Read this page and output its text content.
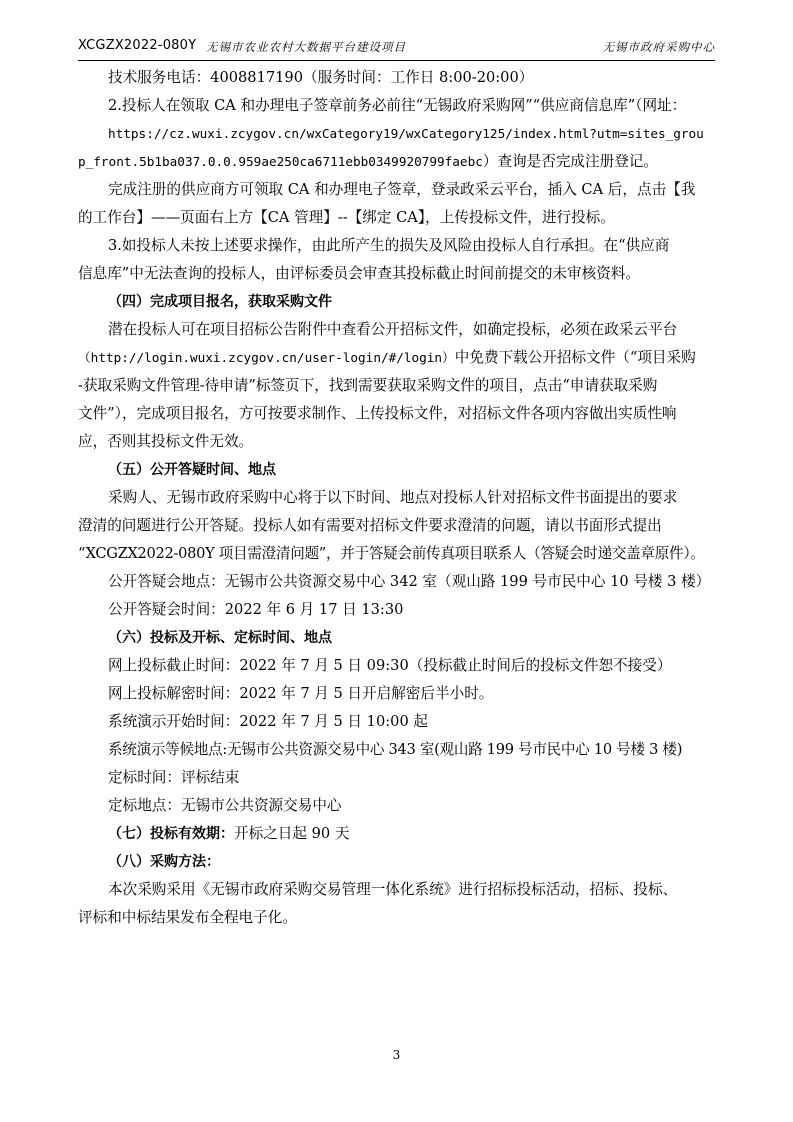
XCGZX2022-080Y 无锡市农业农村大数据平台建设项目	无锡市政府采购中心
技术服务电话：4008817190（服务时间：工作日 8:00-20:00）
2.投标人在领取 CA 和办理电子签章前务必前往“无锡政府采购网”“供应商信息库”（网址：
https://cz.wuxi.zcygov.cn/wxCategory19/wxCategory125/index.html?utm=sites_grou
p_front.5b1ba037.0.0.959ae250ca6711ebb0349920799faebc）查询是否完成注册登记。
完成注册的供应商方可领取 CA 和办理电子签章，登录政采云平台，插入 CA 后，点击【我
的工作台】——页面右上方【CA 管理】--【绑定 CA】，上传投标文件，进行投标。
3.如投标人未按上述要求操作，由此所产生的损失及风险由投标人自行承担。在“供应商
信息库”中无法查询的投标人，由评标委员会审查其投标截止时间前提交的未审核资料。
（四）完成项目报名，获取采购文件
潜在投标人可在项目招标公告附件中查看公开招标文件，如确定投标，必须在政采云平台
（http://login.wuxi.zcygov.cn/user-login/#/login）中免费下载公开招标文件（“项目采购
-获取采购文件管理-待申请”标签页下，找到需要获取采购文件的项目，点击“申请获取采购
文件”），完成项目报名，方可按要求制作、上传投标文件，对招标文件各项内容做出实质性响
应，否则其投标文件无效。
（五）公开答疑时间、地点
采购人、无锡市政府采购中心将于以下时间、地点对投标人针对招标文件书面提出的要求
澄清的问题进行公开答疑。投标人如有需要对招标文件要求澄清的问题，请以书面形式提出
“XCGZX2022-080Y 项目需澄清问题”，并于答疑会前传真项目联系人（答疑会时递交盖章原件）。
公开答疑会地点：无锡市公共资源交易中心 342 室（观山路 199 号市民中心 10 号楼 3 楼）
公开答疑会时间：2022 年 6 月 17 日 13:30
（六）投标及开标、定标时间、地点
网上投标截止时间：2022 年 7 月 5 日 09:30（投标截止时间后的投标文件恕不接受）
网上投标解密时间：2022 年 7 月 5 日开启解密后半小时。
系统演示开始时间：2022 年 7 月 5 日 10:00 起
系统演示等候地点:无锡市公共资源交易中心 343 室(观山路 199 号市民中心 10 号楼 3 楼)
定标时间：评标结束
定标地点：无锡市公共资源交易中心
（七）投标有效期：开标之日起 90 天
（八）采购方法：
本次采购采用《无锡市政府采购交易管理一体化系统》进行招标投标活动，招标、投标、
评标和中标结果发布全程电子化。
3
